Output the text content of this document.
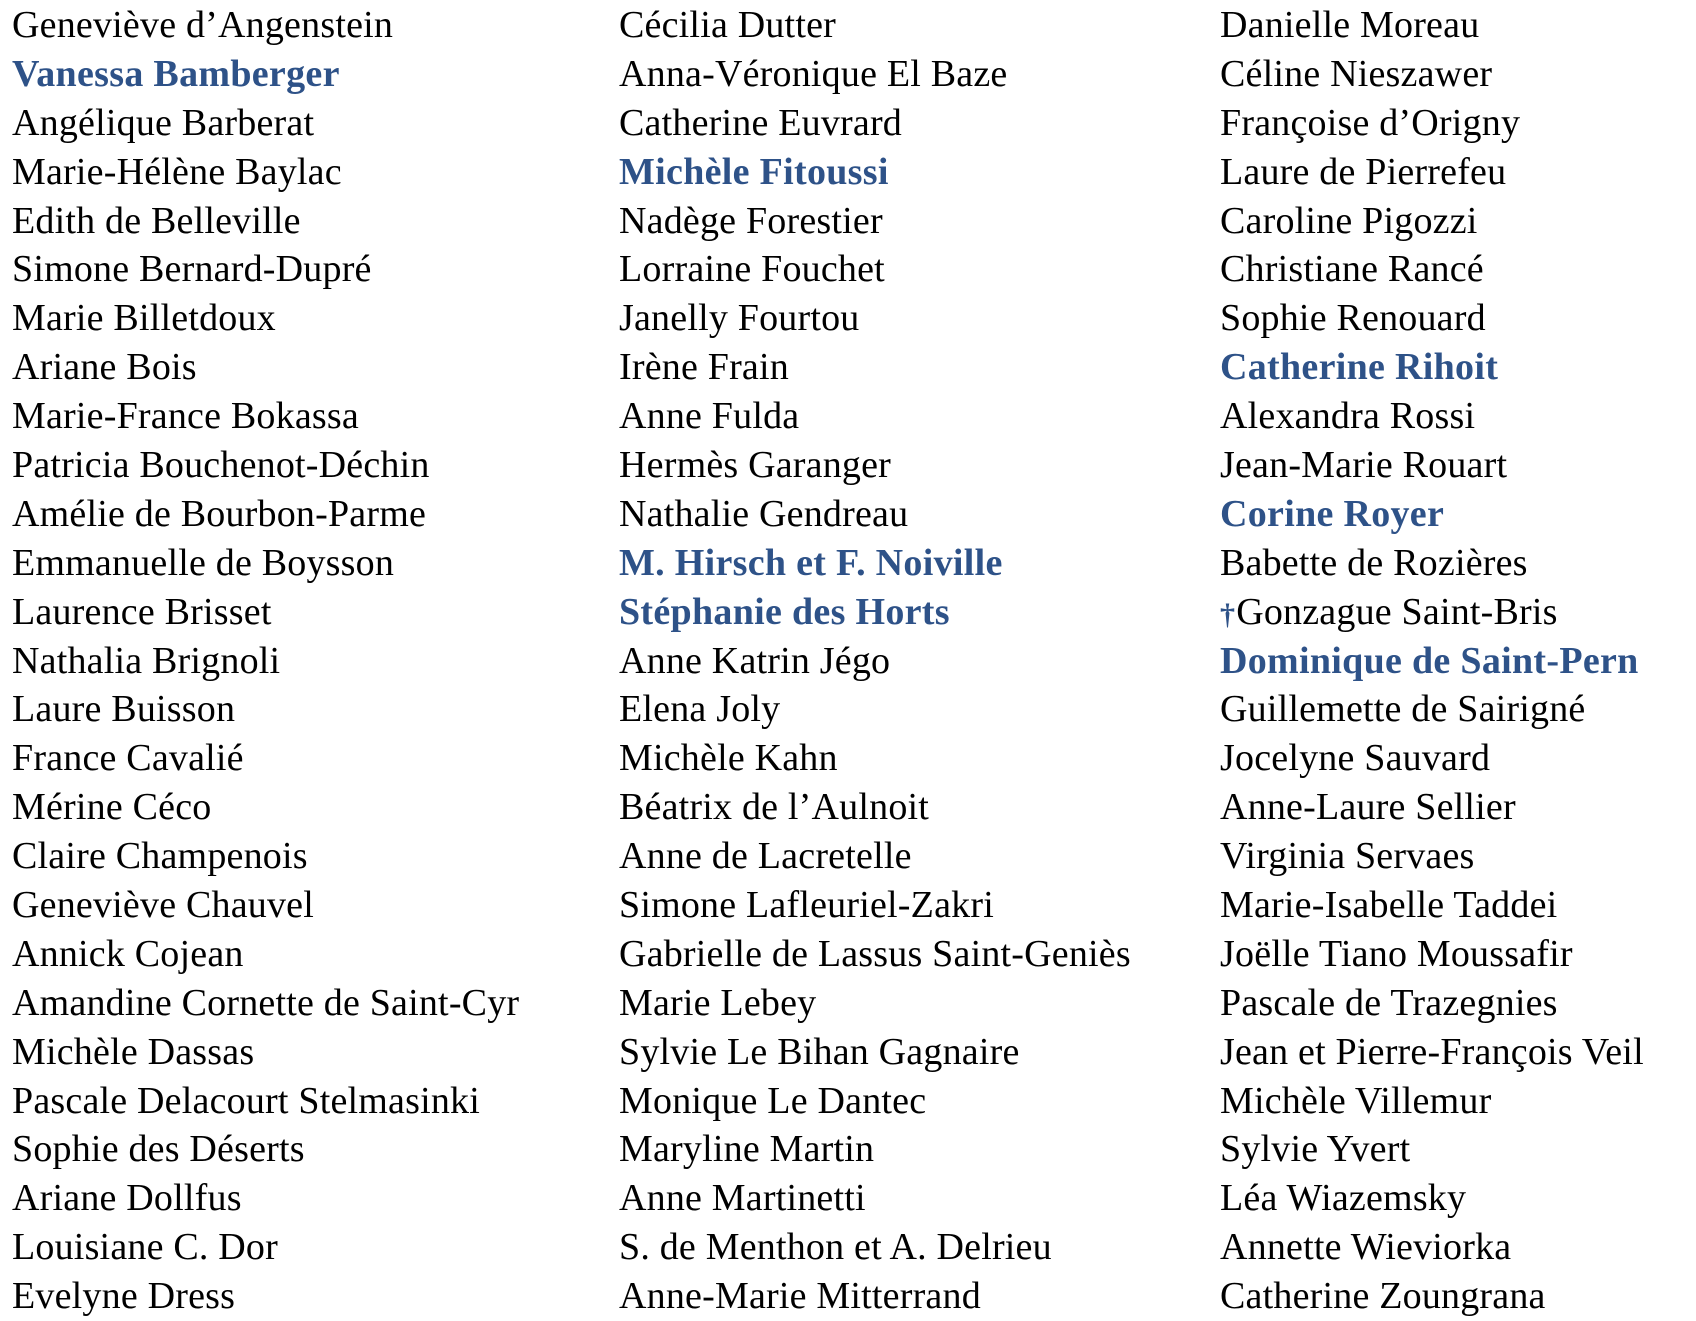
Geneviève d’Angenstein
Vanessa Bamberger
Angélique Barberat
Marie-Hélène Baylac
Edith de Belleville
Simone Bernard-Dupré
Marie Billetdoux
Ariane Bois
Marie-France Bokassa
Patricia Bouchenot-Déchin
Amélie de Bourbon-Parme
Emmanuelle de Boysson
Laurence Brisset
Nathalia Brignoli
Laure Buisson
France Cavalié
Mérine Céco
Claire Champenois
Geneviève Chauvel
Annick Cojean
Amandine Cornette de Saint-Cyr
Michèle Dassas
Pascale Delacourt Stelmasinki
Sophie des Déserts
Ariane Dollfus
Louisiane C. Dor
Evelyne Dress
Cécilia Dutter
Anna-Véronique El Baze
Catherine Euvrard
Michèle Fitoussi
Nadège Forestier
Lorraine Fouchet
Janelly Fourtou
Irène Frain
Anne Fulda
Hermès Garanger
Nathalie Gendreau
M. Hirsch et F. Noiville
Stéphanie des Horts
Anne Katrin Jégo
Elena Joly
Michèle Kahn
Béatrix de l’Aulnoit
Anne de Lacretelle
Simone Lafleuriel-Zakri
Gabrielle de Lassus Saint-Geniès
Marie Lebey
Sylvie Le Bihan Gagnaire
Monique Le Dantec
Maryline Martin
Anne Martinetti
S. de Menthon et A. Delrieu
Anne-Marie Mitterrand
Danielle Moreau
Céline Nieszawer
Françoise d’Origny
Laure de Pierrefeu
Caroline Pigozzi
Christiane Rancé
Sophie Renouard
Catherine Rihoit
Alexandra Rossi
Jean-Marie Rouart
Corine Royer
Babette de Rozières
†Gonzague Saint-Bris
Dominique de Saint-Pern
Guillemette de Sairigné
Jocelyne Sauvard
Anne-Laure Sellier
Virginia Servaes
Marie-Isabelle Taddei
Joëlle Tiano Moussafir
Pascale de Trazegnies
Jean et Pierre-François Veil
Michèle Villemur
Sylvie Yvert
Léa Wiazemsky
Annette Wieviorka
Catherine Zoungrana
